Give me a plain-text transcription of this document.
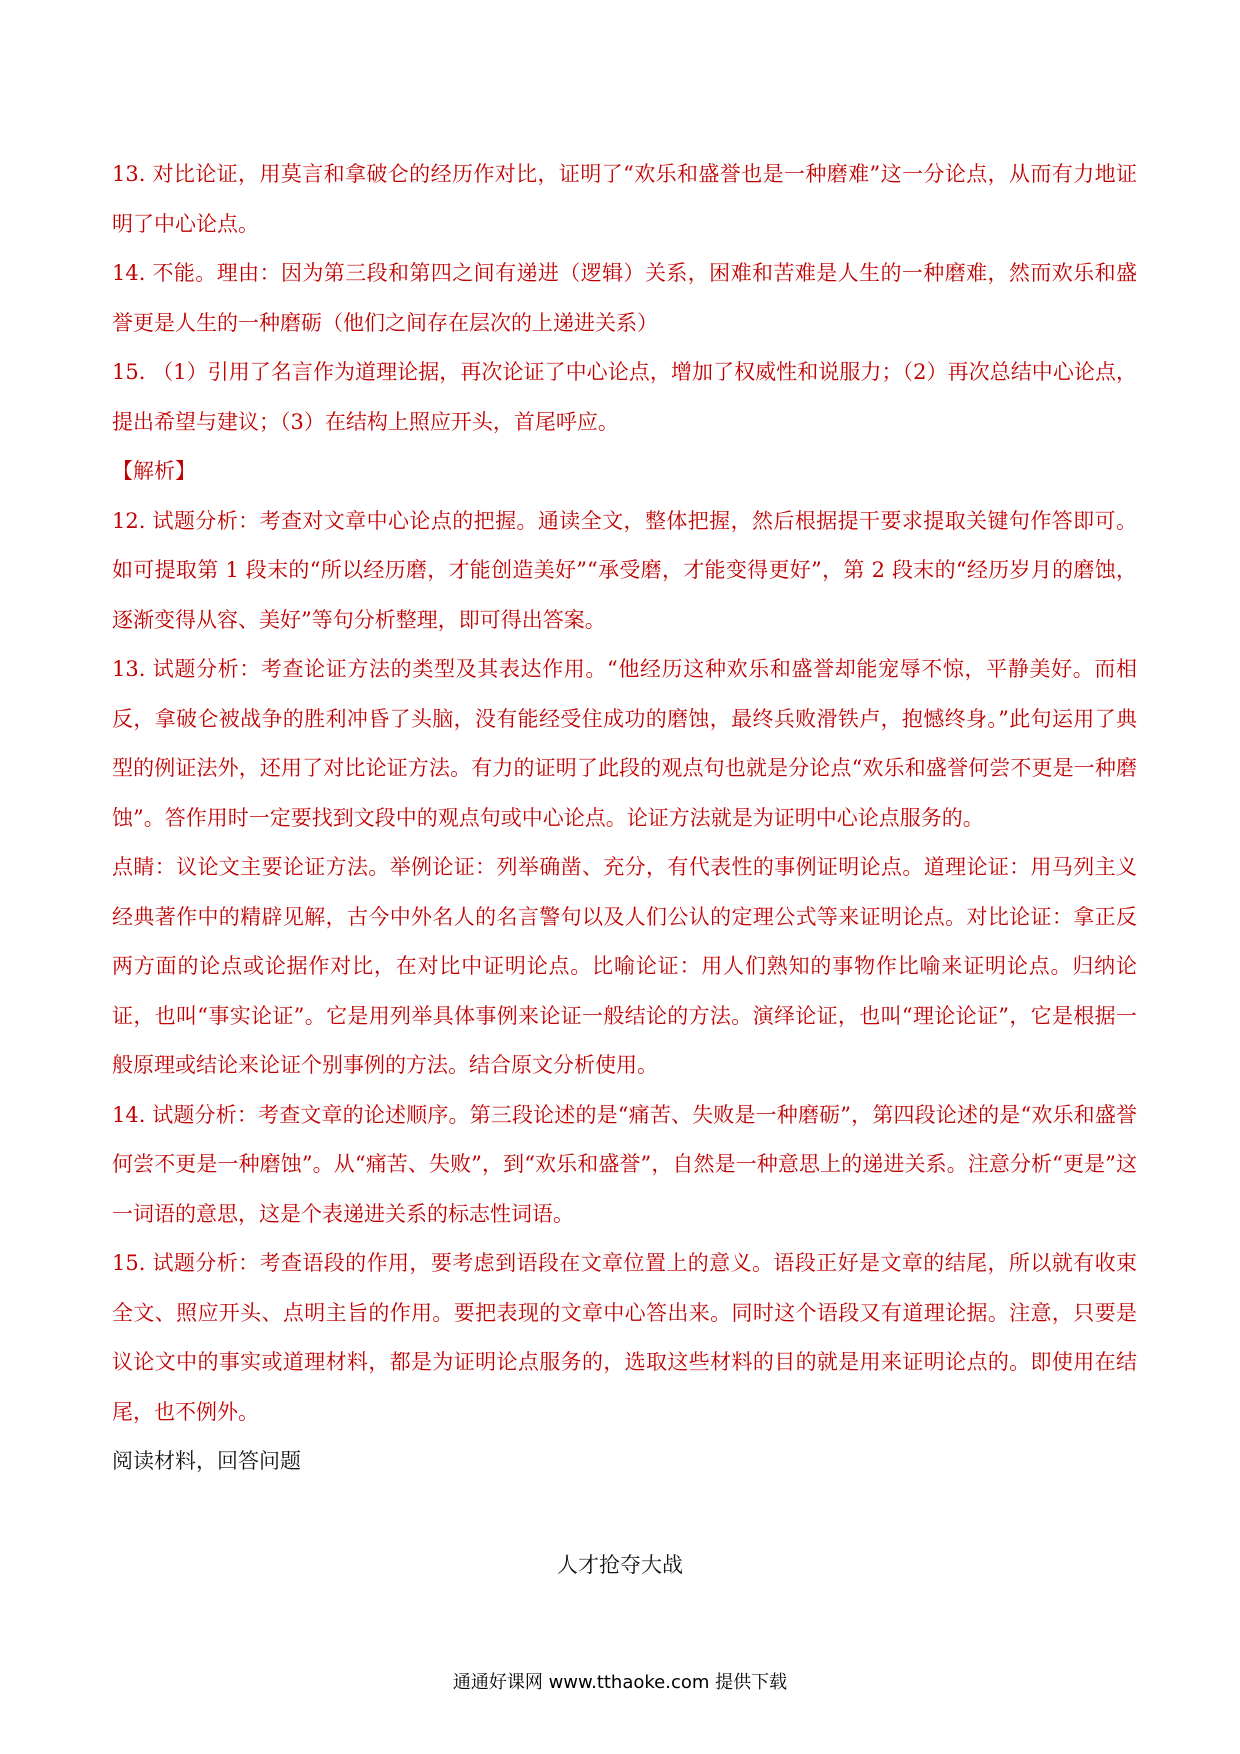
13. 对比论证，用莫言和拿破仑的经历作对比，证明了“欢乐和盛誉也是一种磨难”这一分论点，从而有力地证明了中心论点。

14. 不能。理由：因为第三段和第四之间有递进（逻辑）关系，困难和苦难是人生的一种磨难，然而欢乐和盛誉更是人生的一种磨砺（他们之间存在层次的上递进关系）

15. （1）引用了名言作为道理论据，再次论证了中心论点，增加了权威性和说服力；（2）再次总结中心论点，提出希望与建议；（3）在结构上照应开头，首尾呼应。

【解析】

12. 试题分析：考查对文章中心论点的把握。通读全文，整体把握，然后根据提干要求提取关键句作答即可。如可提取第 1 段末的“所以经历磨，才能创造美好”“承受磨，才能变得更好”，第 2 段末的“经历岁月的磨蚀，逐渐变得从容、美好”等句分析整理，即可得出答案。

13. 试题分析：考查论证方法的类型及其表达作用。“他经历这种欢乐和盛誉却能宠辱不惊，平静美好。而相反，拿破仑被战争的胜利冲昏了头脑，没有能经受住成功的磨蚀，最终兵败滑铁卢，抱憾终身。”此句运用了典型的例证法外，还用了对比论证方法。有力的证明了此段的观点句也就是分论点“欢乐和盛誉何尝不更是一种磨蚀”。答作用时一定要找到文段中的观点句或中心论点。论证方法就是为证明中心论点服务的。

点睛：议论文主要论证方法。举例论证：列举确凿、充分，有代表性的事例证明论点。道理论证：用马列主义经典著作中的精辟见解，古今中外名人的名言警句以及人们公认的定理公式等来证明论点。对比论证：拿正反两方面的论点或论据作对比，在对比中证明论点。比喻论证：用人们熟知的事物作比喻来证明论点。归纳论证，也叫“事实论证”。它是用列举具体事例来论证一般结论的方法。演绎论证，也叫“理论论证”，它是根据一般原理或结论来论证个别事例的方法。结合原文分析使用。

14. 试题分析：考查文章的论述顺序。第三段论述的是“痛苦、失败是一种磨砺”，第四段论述的是“欢乐和盛誉何尝不更是一种磨蚀”。从“痛苦、失败”，到“欢乐和盛誉”，自然是一种意思上的递进关系。注意分析“更是”这一词语的意思，这是个表递进关系的标志性词语。

15. 试题分析：考查语段的作用，要考虑到语段在文章位置上的意义。语段正好是文章的结尾，所以就有收束全文、照应开头、点明主旨的作用。要把表现的文章中心答出来。同时这个语段又有道理论据。注意，只要是议论文中的事实或道理材料，都是为证明论点服务的，选取这些材料的目的就是用来证明论点的。即使用在结尾，也不例外。

阅读材料，回答问题

人才抢夺大战
通通好课网 www.tthaoke.com 提供下载
